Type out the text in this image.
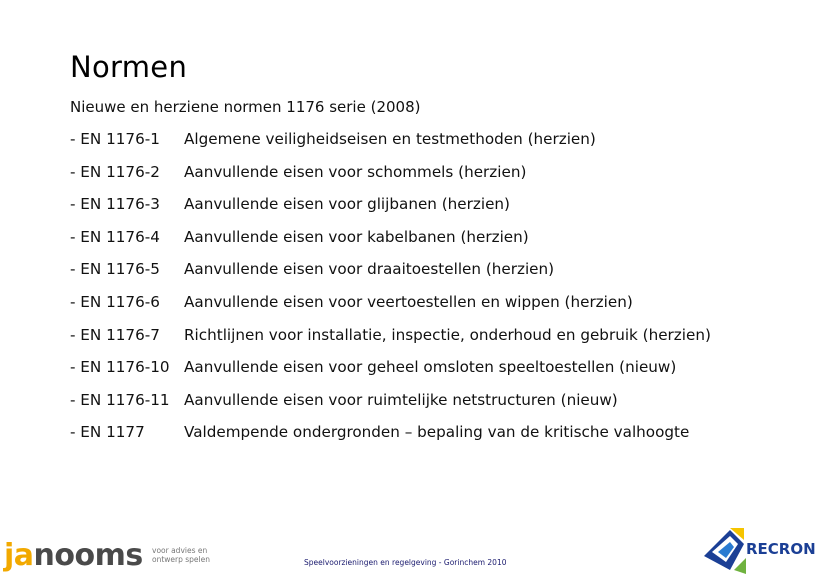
Normen
Nieuwe en herziene normen 1176 serie (2008)
- EN 1176-1	Algemene veiligheidseisen en testmethoden (herzien)
- EN 1176-2	Aanvullende eisen voor schommels (herzien)
- EN 1176-3	Aanvullende eisen voor glijbanen (herzien)
- EN 1176-4	Aanvullende eisen voor kabelbanen (herzien)
- EN 1176-5	Aanvullende eisen voor draaitoestellen (herzien)
- EN 1176-6	Aanvullende eisen voor veertoestellen en wippen (herzien)
- EN 1176-7	Richtlijnen voor installatie, inspectie, onderhoud en gebruik (herzien)
- EN 1176-10 Aanvullende eisen voor geheel omsloten speeltoestellen (nieuw)
- EN 1176-11 Aanvullende eisen voor ruimtelijke netstructuren (nieuw)
- EN 1177	Valdempende ondergronden – bepaling van de kritische valhoogte
janooms voor advies en
ontwerp spelen	Speelvoorzieningen en regelgeving - Gorinchem 2010
RECRON
